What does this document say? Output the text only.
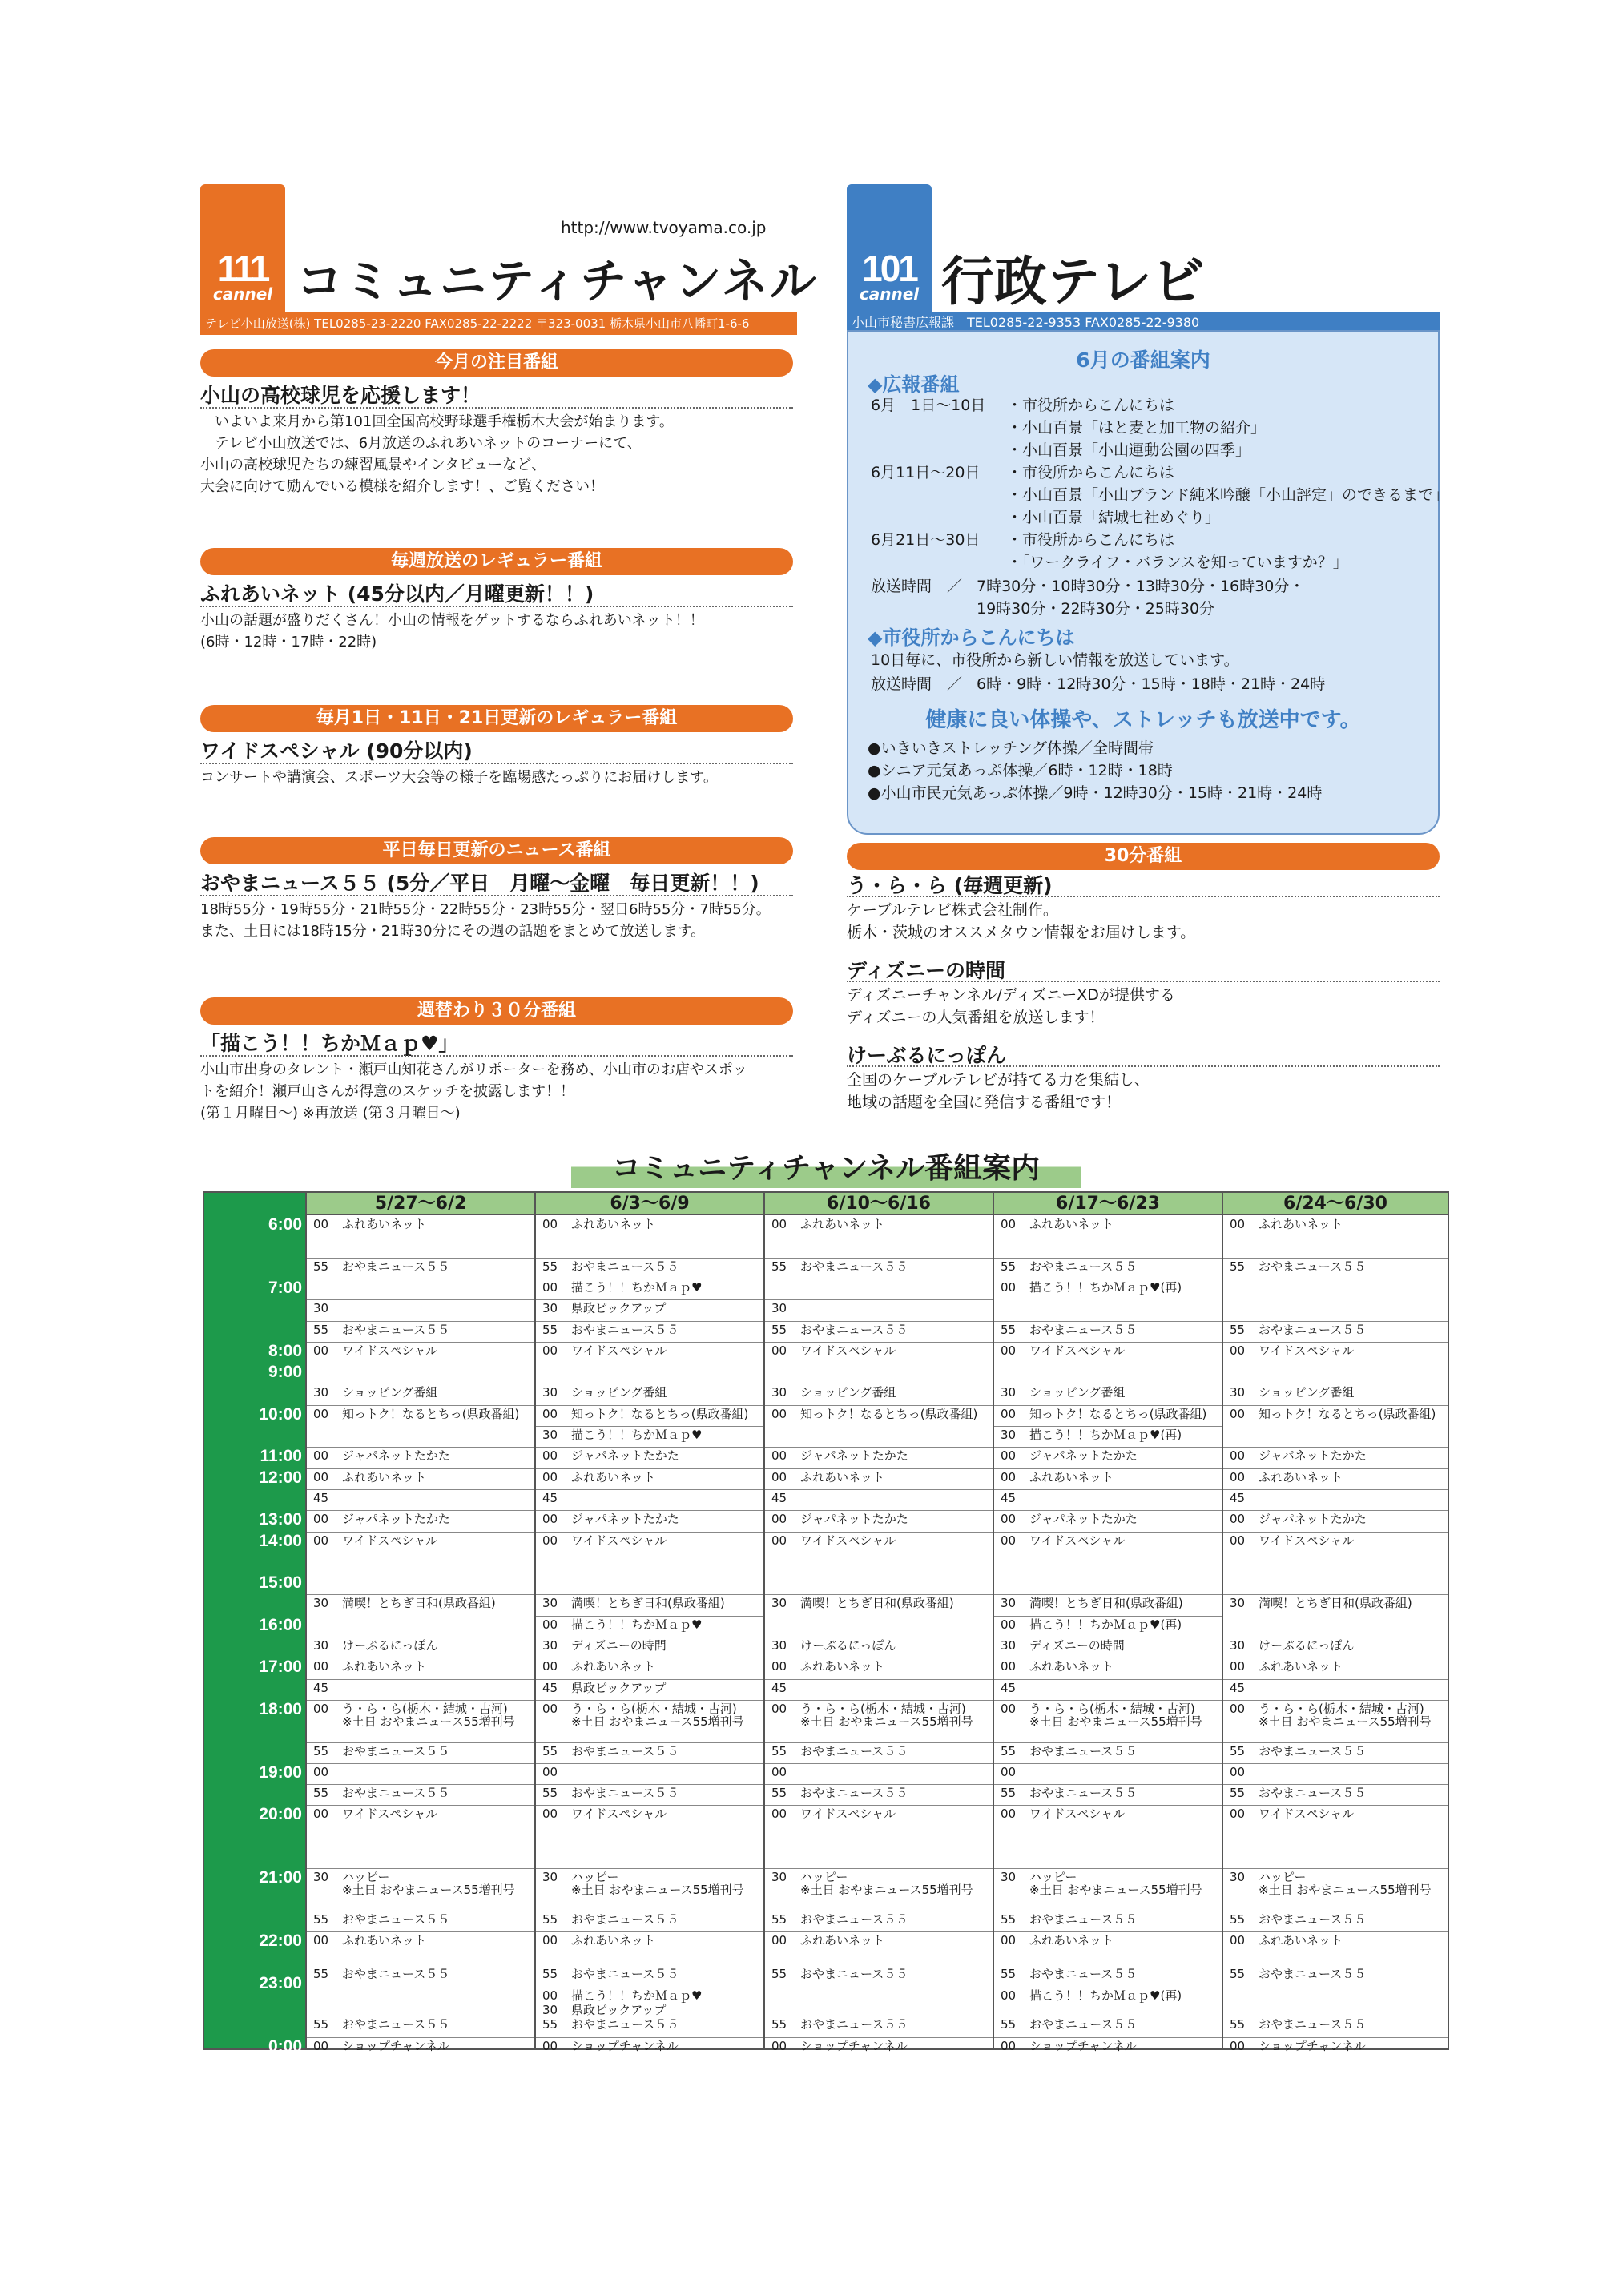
111
cannel
http://www.tvoyama.co.jp
コミュニティチャンネル
テレビ小山放送(株) TEL0285-23-2220 FAX0285-22-2222 〒323-0031 栃木県小山市八幡町1-6-6
今月の注目番組
小山の高校球児を応援します！
　いよいよ来月から第101回全国高校野球選手権栃木大会が始まります。
　テレビ小山放送では、6月放送のふれあいネットのコーナーにて、
小山の高校球児たちの練習風景やインタビューなど、
大会に向けて励んでいる模様を紹介します！、ご覧ください！
毎週放送のレギュラー番組
ふれあいネット (45分以内／月曜更新！！)
小山の話題が盛りだくさん！小山の情報をゲットするならふれあいネット！！
(6時・12時・17時・22時)
毎月1日・11日・21日更新のレギュラー番組
ワイドスペシャル (90分以内)
コンサートや講演会、スポーツ大会等の様子を臨場感たっぷりにお届けします。
平日毎日更新のニュース番組
おやまニュース５５ (5分／平日　月曜～金曜　毎日更新！！)
18時55分・19時55分・21時55分・22時55分・23時55分・翌日6時55分・7時55分。
また、土日には18時15分・21時30分にその週の話題をまとめて放送します。
週替わり３０分番組
「描こう！！ちかＭａｐ♥」
小山市出身のタレント・瀬戸山知花さんがリポーターを務め、小山市のお店やスポッ
トを紹介！瀬戸山さんが得意のスケッチを披露します！！
(第１月曜日～) ※再放送 (第３月曜日～)
101
cannel 行政テレビ
小山市秘書広報課　TEL0285-22-9353 FAX0285-22-9380
6月の番組案内
◆広報番組
6月　1日～10日 ・市役所からこんにちは
・小山百景「はと麦と加工物の紹介」
・小山百景「小山運動公園の四季」
6月11日～20日 ・市役所からこんにちは
・小山百景「小山ブランド純米吟醸「小山評定」のできるまで」
・小山百景「結城七社めぐり」
6月21日～30日 ・市役所からこんにちは
・「ワークライフ・バランスを知っていますか？」
放送時間　／ 7時30分・10時30分・13時30分・16時30分・
19時30分・22時30分・25時30分
◆市役所からこんにちは
10日毎に、市役所から新しい情報を放送しています。
放送時間　／ 6時・9時・12時30分・15時・18時・21時・24時
健康に良い体操や、ストレッチも放送中です。
●いきいきストレッチング体操／全時間帯
●シニア元気あっぷ体操／6時・12時・18時
●小山市民元気あっぷ体操／9時・12時30分・15時・21時・24時
30分番組
う・ら・ら (毎週更新)
ケーブルテレビ株式会社制作。
栃木・茨城のオススメタウン情報をお届けします。
ディズニーの時間
ディズニーチャンネル/ディズニーXDが提供する
ディズニーの人気番組を放送します！
けーぶるにっぽん
全国のケーブルテレビが持てる力を集結し、
地域の話題を全国に発信する番組です！
コミュニティチャンネル番組案内
6:00
7:00
8:00
9:00
10:00
11:00
12:00
13:00
14:00
15:00
16:00
17:00
18:00
19:00
20:00
21:00
22:00
23:00
0:00
5/27～6/2
00 ふれあいネット
55 おやまニュース５５
30
55 おやまニュース５５
00 ワイドスペシャル
30 ショッピング番組
00 知っトク！なるとちっ(県政番組)
00 ジャパネットたかた
00 ふれあいネット
45
00 ジャパネットたかた
00 ワイドスペシャル
30 満喫！とちぎ日和(県政番組)
30 けーぶるにっぽん
00 ふれあいネット
45
00 う・ら・ら(栃木・結城・古河)
※土日 おやまニュース55増刊号
55 おやまニュース５５
00
55 おやまニュース５５
00 ワイドスペシャル
30 ハッピー
※土日 おやまニュース55増刊号
55 おやまニュース５５
00 ふれあいネット
55 おやまニュース５５
55 おやまニュース５５
00 ショップチャンネル
6/3～6/9
00 ふれあいネット
55 おやまニュース５５
00 描こう！！ちかＭａｐ♥
30 県政ピックアップ
55 おやまニュース５５
00 ワイドスペシャル
30 ショッピング番組
00 知っトク！なるとちっ(県政番組)
30 描こう！！ちかＭａｐ♥
00 ジャパネットたかた
00 ふれあいネット
45
00 ジャパネットたかた
00 ワイドスペシャル
30 満喫！とちぎ日和(県政番組)
00 描こう！！ちかＭａｐ♥
30 ディズニーの時間
00 ふれあいネット
45 県政ピックアップ
00 う・ら・ら(栃木・結城・古河)
※土日 おやまニュース55増刊号
55 おやまニュース５５
00
55 おやまニュース５５
00 ワイドスペシャル
30 ハッピー
※土日 おやまニュース55増刊号
55 おやまニュース５５
00 ふれあいネット
55 おやまニュース５５
00 描こう！！ちかＭａｐ♥
30 県政ピックアップ
55 おやまニュース５５
00 ショップチャンネル
6/10～6/16
00 ふれあいネット
55 おやまニュース５５
30
55 おやまニュース５５
00 ワイドスペシャル
30 ショッピング番組
00 知っトク！なるとちっ(県政番組)
00 ジャパネットたかた
00 ふれあいネット
45
00 ジャパネットたかた
00 ワイドスペシャル
30 満喫！とちぎ日和(県政番組)
30 けーぶるにっぽん
00 ふれあいネット
45
00 う・ら・ら(栃木・結城・古河)
※土日 おやまニュース55増刊号
55 おやまニュース５５
00
55 おやまニュース５５
00 ワイドスペシャル
30 ハッピー
※土日 おやまニュース55増刊号
55 おやまニュース５５
00 ふれあいネット
55 おやまニュース５５
55 おやまニュース５５
00 ショップチャンネル
6/17～6/23
00 ふれあいネット
55 おやまニュース５５
00 描こう！！ちかＭａｐ♥(再)
55 おやまニュース５５
00 ワイドスペシャル
30 ショッピング番組
00 知っトク！なるとちっ(県政番組)
30 描こう！！ちかＭａｐ♥(再)
00 ジャパネットたかた
00 ふれあいネット
45
00 ジャパネットたかた
00 ワイドスペシャル
30 満喫！とちぎ日和(県政番組)
00 描こう！！ちかＭａｐ♥(再)
30 ディズニーの時間
00 ふれあいネット
45
00 う・ら・ら(栃木・結城・古河)
※土日 おやまニュース55増刊号
55 おやまニュース５５
00
55 おやまニュース５５
00 ワイドスペシャル
30 ハッピー
※土日 おやまニュース55増刊号
55 おやまニュース５５
00 ふれあいネット
55 おやまニュース５５
00 描こう！！ちかＭａｐ♥(再)
55 おやまニュース５５
00 ショップチャンネル
6/24～6/30
00 ふれあいネット
55 おやまニュース５５
55 おやまニュース５５
00 ワイドスペシャル
30 ショッピング番組
00 知っトク！なるとちっ(県政番組)
00 ジャパネットたかた
00 ふれあいネット
45
00 ジャパネットたかた
00 ワイドスペシャル
30 満喫！とちぎ日和(県政番組)
30 けーぶるにっぽん
00 ふれあいネット
45
00 う・ら・ら(栃木・結城・古河)
※土日 おやまニュース55増刊号
55 おやまニュース５５
00
55 おやまニュース５５
00 ワイドスペシャル
30 ハッピー
※土日 おやまニュース55増刊号
55 おやまニュース５５
00 ふれあいネット
55 おやまニュース５５
55 おやまニュース５５
00 ショップチャンネル
